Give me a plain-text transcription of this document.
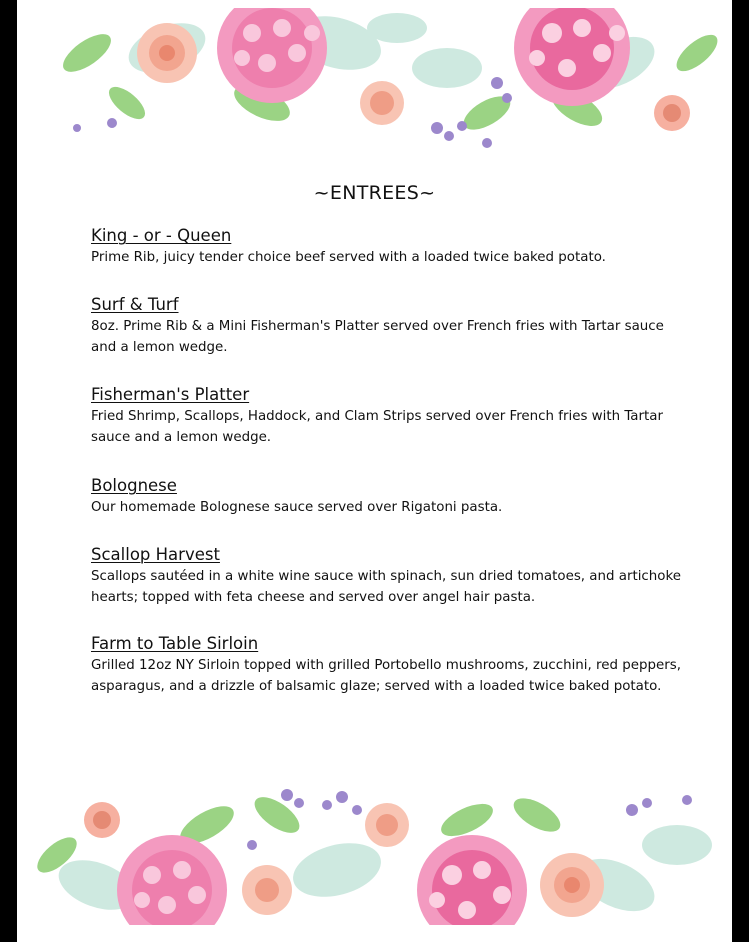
~ENTREES~

King - or - Queen

Prime Rib, juicy tender choice beef served with a loaded twice baked potato.

Surf & Turf

8oz. Prime Rib & a Mini Fisherman's Platter served over French fries with Tartar sauce and a lemon wedge.

Fisherman's Platter

Fried Shrimp, Scallops, Haddock, and Clam Strips served over French fries with Tartar sauce and a lemon wedge.

Bolognese

Our homemade Bolognese sauce served over Rigatoni pasta.

Scallop Harvest

Scallops sautéed in a white wine sauce with spinach, sun dried tomatoes, and artichoke hearts; topped with feta cheese and served over angel hair pasta.

Farm to Table Sirloin

Grilled 12oz NY Sirloin topped with grilled Portobello mushrooms, zucchini, red peppers, asparagus, and a drizzle of balsamic glaze; served with a loaded twice baked potato.
